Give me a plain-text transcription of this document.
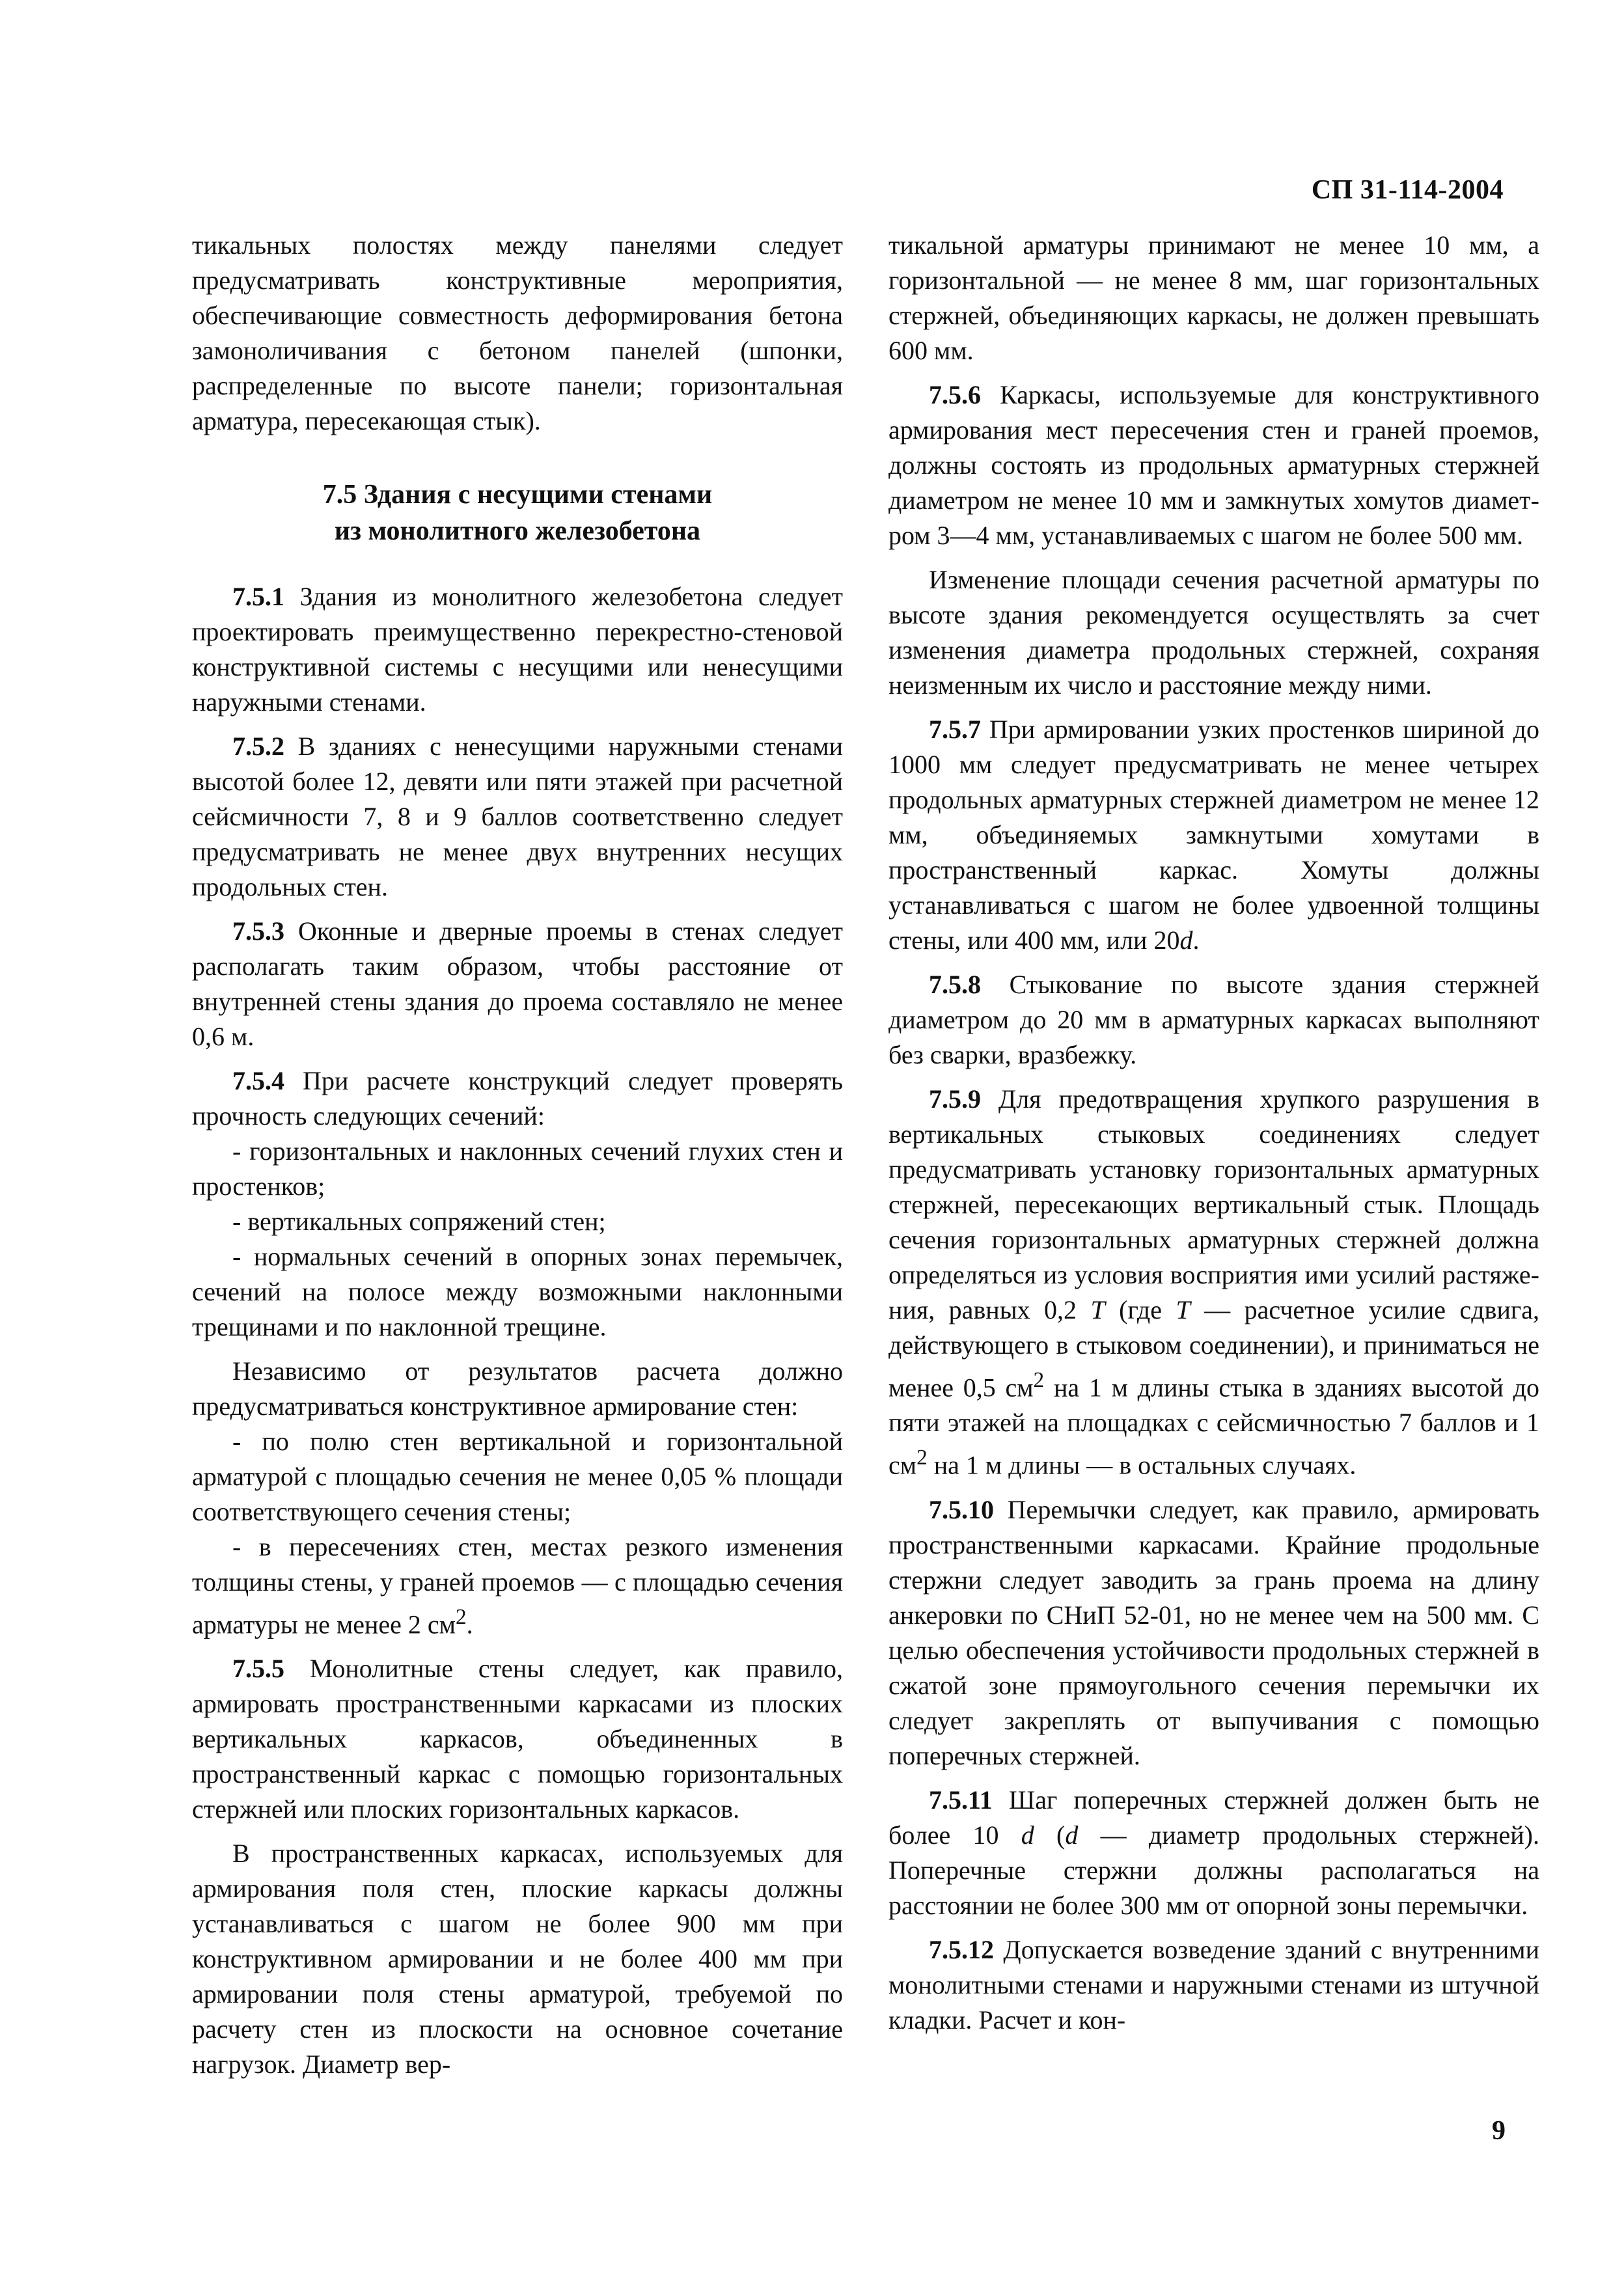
СП 31-114-2004

тикальных полостях между панелями следует предусматривать конструктивные мероприятия, обеспечивающие совместность деформирования бетона замоноличивания с бетоном панелей (шпонки, распределенные по высоте панели; горизонтальная арматура, пересекающая стык).

7.5 Здания с несущими стенами
из монолитного железобетона

7.5.1 Здания из монолитного железобетона следует проектировать преимущественно перекрестно-стеновой конструктивной системы с несущими или ненесущими наружными стенами.

7.5.2 В зданиях с ненесущими наружными стенами высотой более 12, девяти или пяти этажей при расчетной сейсмичности 7, 8 и 9 баллов соответственно следует предусматривать не менее двух внутренних несущих продольных стен.

7.5.3 Оконные и дверные проемы в стенах следует располагать таким образом, чтобы расстояние от внутренней стены здания до проема составляло не менее 0,6 м.

7.5.4 При расчете конструкций следует проверять прочность следующих сечений:

- горизонтальных и наклонных сечений глухих стен и простенков;

- вертикальных сопряжений стен;

- нормальных сечений в опорных зонах перемычек, сечений на полосе между возможными наклонными трещинами и по наклонной трещине.

Независимо от результатов расчета должно предусматриваться конструктивное армирование стен:

- по полю стен вертикальной и горизонтальной арматурой с площадью сечения не менее 0,05 % площади соответствующего сечения стены;

- в пересечениях стен, местах резкого изменения толщины стены, у граней проемов — с площадью сечения арматуры не менее 2 $см^2$.

7.5.5 Монолитные стены следует, как правило, армировать пространственными каркасами из плоских вертикальных каркасов, объединенных в пространственный каркас с помощью горизонтальных стержней или плоских горизонтальных каркасов.

В пространственных каркасах, используемых для армирования поля стен, плоские каркасы должны устанавливаться с шагом не более 900 мм при конструктивном армировании и не более 400 мм при армировании поля стены арматурой, требуемой по расчету стен из плоскости на основное сочетание нагрузок. Диаметр вер-

тикальной арматуры принимают не менее 10 мм, а горизонтальной — не менее 8 мм, шаг горизонтальных стержней, объединяющих каркасы, не должен превышать 600 мм.

7.5.6 Каркасы, используемые для конструктивного армирования мест пересечения стен и граней проемов, должны состоять из продольных арматурных стержней диаметром не менее 10 мм и замкнутых хомутов диаметром 3—4 мм, устанавливаемых с шагом не более 500 мм.

Изменение площади сечения расчетной арматуры по высоте здания рекомендуется осуществлять за счет изменения диаметра продольных стержней, сохраняя неизменным их число и расстояние между ними.

7.5.7 При армировании узких простенков шириной до 1000 мм следует предусматривать не менее четырех продольных арматурных стержней диаметром не менее 12 мм, объединяемых замкнутыми хомутами в пространственный каркас. Хомуты должны устанавливаться с шагом не более удвоенной толщины стены, или 400 мм, или 20d.

7.5.8 Стыкование по высоте здания стержней диаметром до 20 мм в арматурных каркасах выполняют без сварки, вразбежку.

7.5.9 Для предотвращения хрупкого разрушения в вертикальных стыковых соединениях следует предусматривать установку горизонтальных арматурных стержней, пересекающих вертикальный стык. Площадь сечения горизонтальных арматурных стержней должна определяться из условия восприятия ими усилий растяжения, равных 0,2 T (где T — расчетное усилие сдвига, действующего в стыковом соединении), и приниматься не менее 0,5 $см^2$ на 1 м длины стыка в зданиях высотой до пяти этажей на площадках с сейсмичностью 7 баллов и 1 $см^2$ на 1 м длины — в остальных случаях.

7.5.10 Перемычки следует, как правило, армировать пространственными каркасами. Крайние продольные стержни следует заводить за грань проема на длину анкеровки по СНиП 52-01, но не менее чем на 500 мм. С целью обеспечения устойчивости продольных стержней в сжатой зоне прямоугольного сечения перемычки их следует закреплять от выпучивания с помощью поперечных стержней.

7.5.11 Шаг поперечных стержней должен быть не более 10 d (d — диаметр продольных стержней). Поперечные стержни должны располагаться на расстоянии не более 300 мм от опорной зоны перемычки.

7.5.12 Допускается возведение зданий с внутренними монолитными стенами и наружными стенами из штучной кладки. Расчет и кон-

9
